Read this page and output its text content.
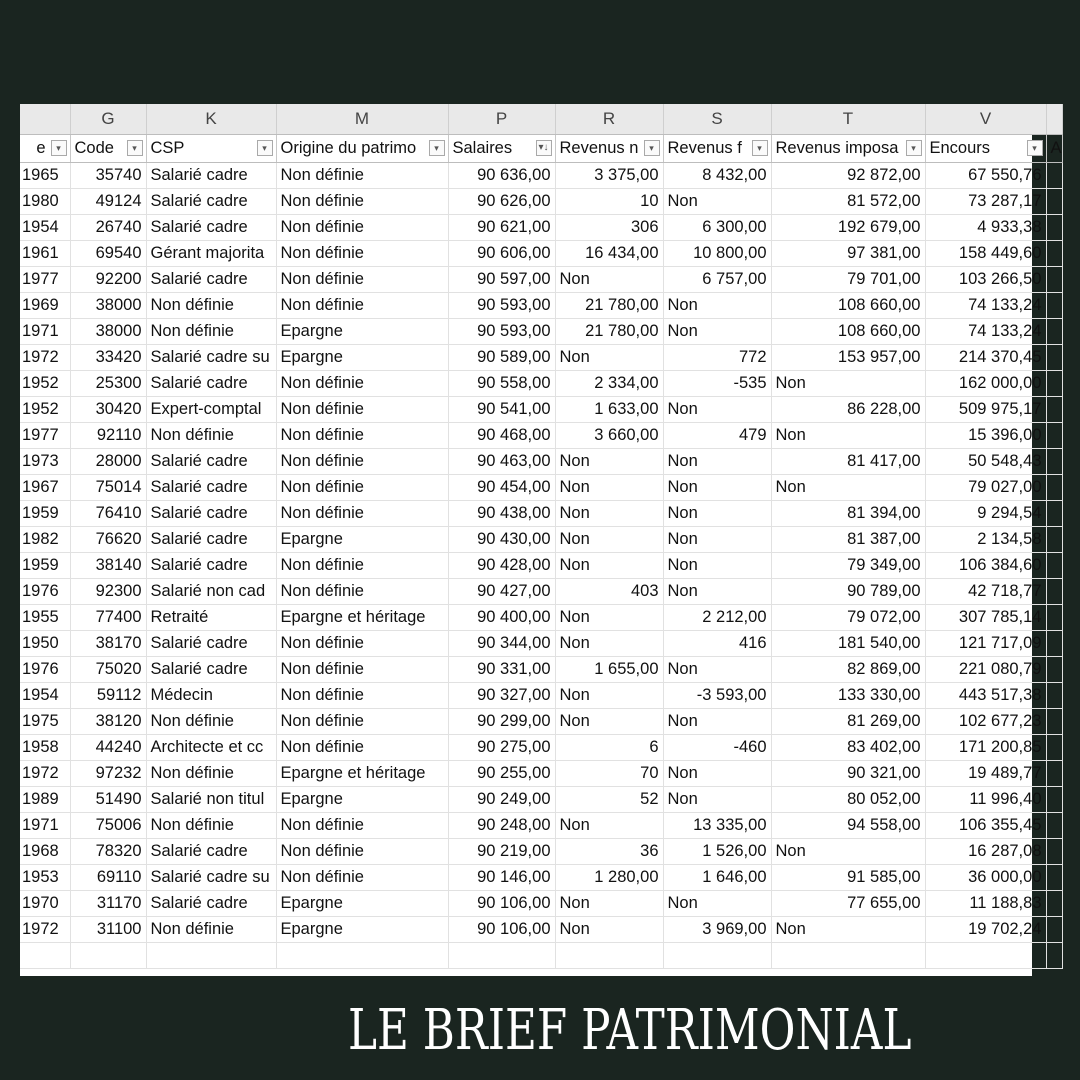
	G	K	M	P	R	S	T	V	
e ▾	Code ▾	CSP ▾	Origine du patrimo ▾	Salaires ▾↓	Revenus n ▾	Revenus f ▾	Revenus imposa ▾	Encours ▾	A
1965	35740	Salarié cadre	Non définie	90 636,00	3 375,00	8 432,00	92 872,00	67 550,76	
1980	49124	Salarié cadre	Non définie	90 626,00	10	Non	81 572,00	73 287,17	
1954	26740	Salarié cadre	Non définie	90 621,00	306	6 300,00	192 679,00	4 933,38	
1961	69540	Gérant majorita	Non définie	90 606,00	16 434,00	10 800,00	97 381,00	158 449,60	
1977	92200	Salarié cadre	Non définie	90 597,00	Non	6 757,00	79 701,00	103 266,50	
1969	38000	Non définie	Non définie	90 593,00	21 780,00	Non	108 660,00	74 133,24	
1971	38000	Non définie	Epargne	90 593,00	21 780,00	Non	108 660,00	74 133,24	
1972	33420	Salarié cadre su	Epargne	90 589,00	Non	772	153 957,00	214 370,45	
1952	25300	Salarié cadre	Non définie	90 558,00	2 334,00	-535	Non	162 000,00	
1952	30420	Expert-comptal	Non définie	90 541,00	1 633,00	Non	86 228,00	509 975,17	
1977	92110	Non définie	Non définie	90 468,00	3 660,00	479	Non	15 396,00	
1973	28000	Salarié cadre	Non définie	90 463,00	Non	Non	81 417,00	50 548,43	
1967	75014	Salarié cadre	Non définie	90 454,00	Non	Non	Non	79 027,00	
1959	76410	Salarié cadre	Non définie	90 438,00	Non	Non	81 394,00	9 294,54	
1982	76620	Salarié cadre	Epargne	90 430,00	Non	Non	81 387,00	2 134,58	
1959	38140	Salarié cadre	Non définie	90 428,00	Non	Non	79 349,00	106 384,60	
1976	92300	Salarié non cad	Non définie	90 427,00	403	Non	90 789,00	42 718,77	
1955	77400	Retraité	Epargne et héritage	90 400,00	Non	2 212,00	79 072,00	307 785,14	
1950	38170	Salarié cadre	Non définie	90 344,00	Non	416	181 540,00	121 717,09	
1976	75020	Salarié cadre	Non définie	90 331,00	1 655,00	Non	82 869,00	221 080,79	
1954	59112	Médecin	Non définie	90 327,00	Non	-3 593,00	133 330,00	443 517,38	
1975	38120	Non définie	Non définie	90 299,00	Non	Non	81 269,00	102 677,23	
1958	44240	Architecte et cc	Non définie	90 275,00	6	-460	83 402,00	171 200,85	
1972	97232	Non définie	Epargne et héritage	90 255,00	70	Non	90 321,00	19 489,77	
1989	51490	Salarié non titul	Epargne	90 249,00	52	Non	80 052,00	11 996,40	
1971	75006	Non définie	Non définie	90 248,00	Non	13 335,00	94 558,00	106 355,45	
1968	78320	Salarié cadre	Non définie	90 219,00	36	1 526,00	Non	16 287,08	
1953	69110	Salarié cadre su	Non définie	90 146,00	1 280,00	1 646,00	91 585,00	36 000,00	
1970	31170	Salarié cadre	Epargne	90 106,00	Non	Non	77 655,00	11 188,83	
1972	31100	Non définie	Epargne	90 106,00	Non	3 969,00	Non	19 702,24	

LE BRIEF PATRIMONIAL
